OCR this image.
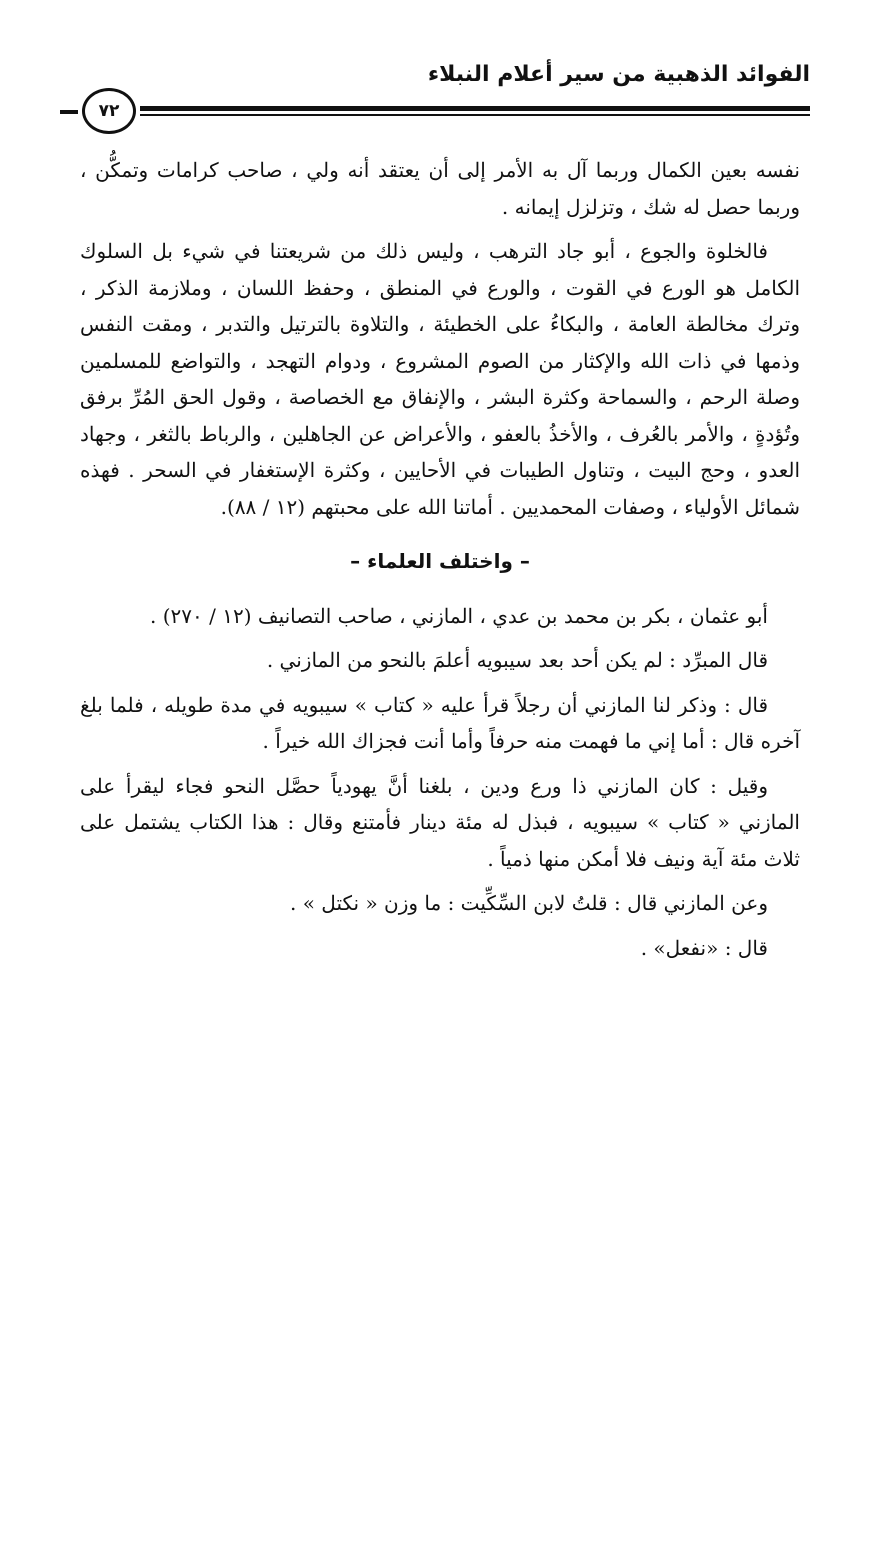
الفوائد الذهبية من سير أعلام النبلاء
٧٢

نفسه بعين الكمال وربما آل به الأمر إلى أن يعتقد أنه ولي ، صاحب كرامات وتمكُّن ، وربما حصل له شك ، وتزلزل إيمانه .

فالخلوة والجوع ، أبو جاد الترهب ، وليس ذلك من شريعتنا في شيء بل السلوك الكامل هو الورع في القوت ، والورع في المنطق ، وحفظ اللسان ، وملازمة الذكر ، وترك مخالطة العامة ، والبكاءُ على الخطيئة ، والتلاوة بالترتيل والتدبر ، ومقت النفس وذمها في ذات الله والإكثار من الصوم المشروع ، ودوام التهجد ، والتواضع للمسلمين وصلة الرحم ، والسماحة وكثرة البشر ، والإنفاق مع الخصاصة ، وقول الحق المُرِّ برفق وتُؤدةٍ ، والأمر بالعُرف ، والأخذُ بالعفو ، والأعراض عن الجاهلين ، والرباط بالثغر ، وجهاد العدو ، وحج البيت ، وتناول الطيبات في الأحايين ، وكثرة الإستغفار في السحر . فهذه شمائل الأولياء ، وصفات المحمديين . أماتنا الله على محبتهم (١٢ / ٨٨).

– واختلف العلماء –

أبو عثمان ، بكر بن محمد بن عدي ، المازني ، صاحب التصانيف (١٢ / ٢٧٠) .

قال المبرِّد : لم يكن أحد بعد سيبويه أعلمَ بالنحو من المازني .

قال : وذكر لنا المازني أن رجلاً قرأ عليه « كتاب » سيبويه في مدة طويله ، فلما بلغ آخره قال : أما إني ما فهمت منه حرفاً وأما أنت فجزاك الله خيراً .

وقيل : كان المازني ذا ورع ودين ، بلغنا أنَّ يهودياً حصَّل النحو فجاء ليقرأ على المازني « كتاب » سيبويه ، فبذل له مئة دينار فأمتنع وقال : هذا الكتاب يشتمل على ثلاث مئة آية ونيف فلا أمكن منها ذمياً .

وعن المازني قال : قلتُ لابن السِّكِّيت : ما وزن « نكتل » .

قال : «نفعل» .
